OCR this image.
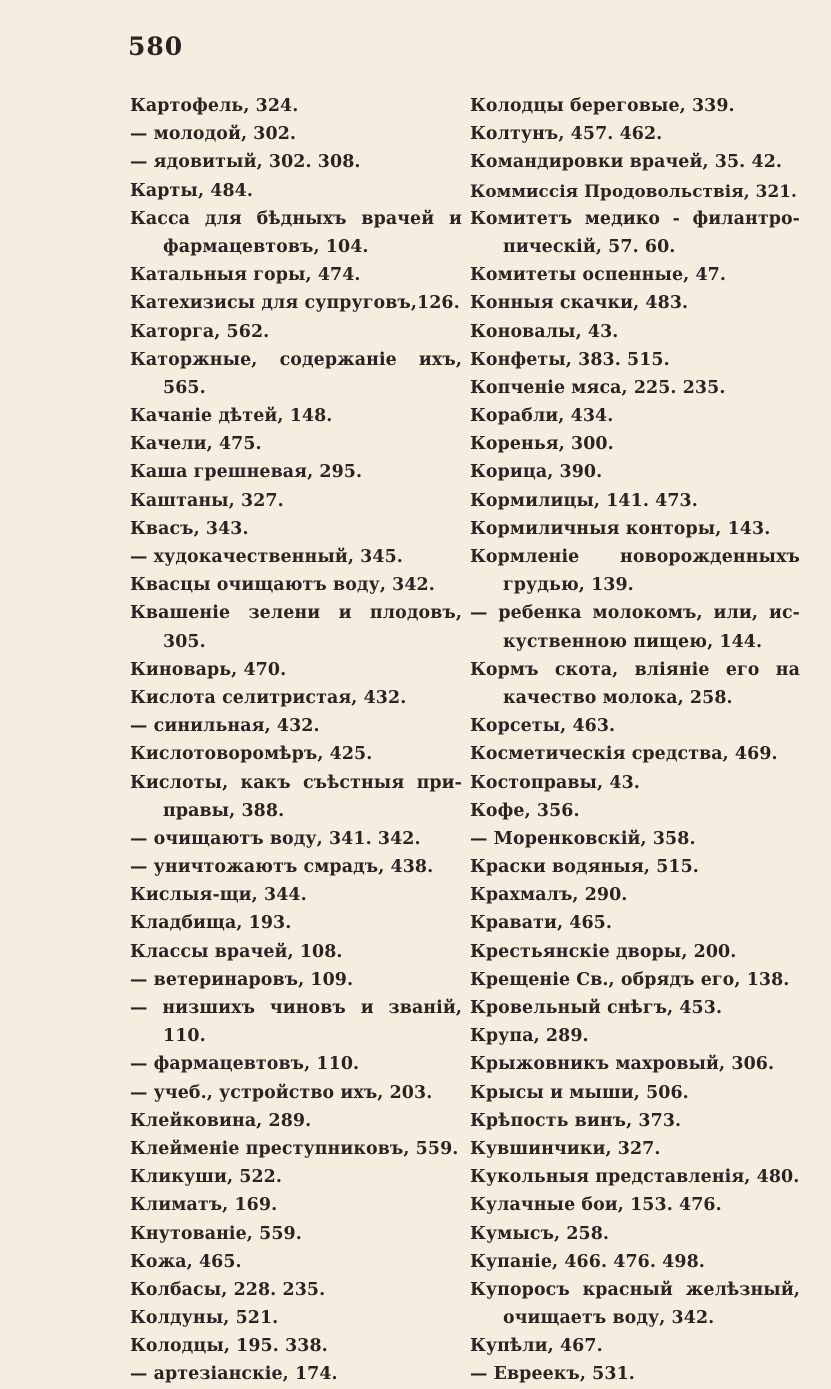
580
Картофель, 324.
— молодой, 302.
— ядовитый, 302. 308.
Карты, 484.
Касса для бѣдныхъ врачей и
фармацевтовъ, 104.
Катальныя горы, 474.
Катехизисы для супруговъ,126.
Каторга, 562.
Каторжные, содержаніе ихъ,
565.
Качаніе дѣтей, 148.
Качели, 475.
Каша грешневая, 295.
Каштаны, 327.
Квасъ, 343.
— худокачественный, 345.
Квасцы очищаютъ воду, 342.
Квашеніе зелени и плодовъ,
305.
Киноварь, 470.
Кислота селитристая, 432.
— синильная, 432.
Кислотоворомѣръ, 425.
Кислоты, какъ съѣстныя при-
правы, 388.
— очищаютъ воду, 341. 342.
— уничтожаютъ смрадъ, 438.
Кислыя-щи, 344.
Кладбища, 193.
Классы врачей, 108.
— ветеринаровъ, 109.
— низшихъ чиновъ и званій,
110.
— фармацевтовъ, 110.
— учеб., устройство ихъ, 203.
Клейковина, 289.
Клейменіе преступниковъ, 559.
Кликуши, 522.
Климатъ, 169.
Кнутованіе, 559.
Кожа, 465.
Колбасы, 228. 235.
Колдуны, 521.
Колодцы, 195. 338.
— артезіанскіе, 174.
Колодцы береговые, 339.
Колтунъ, 457. 462.
Командировки врачей, 35. 42.
Коммиссія Продовольствія, 321.
Комитетъ медико - филантро-
пическій, 57. 60.
Комитеты оспенные, 47.
Конныя скачки, 483.
Коновалы, 43.
Конфеты, 383. 515.
Копченіе мяса, 225. 235.
Корабли, 434.
Коренья, 300.
Корица, 390.
Кормилицы, 141. 473.
Кормиличныя конторы, 143.
Кормленіе новорожденныхъ
грудью, 139.
— ребенка молокомъ, или, ис-
куственною пищею, 144.
Кормъ скота, вліяніе его на
качество молока, 258.
Корсеты, 463.
Косметическія средства, 469.
Костоправы, 43.
Кофе, 356.
— Моренковскій, 358.
Краски водяныя, 515.
Крахмалъ, 290.
Кравати, 465.
Крестьянскіе дворы, 200.
Крещеніе Св., обрядъ его, 138.
Кровельный снѣгъ, 453.
Крупа, 289.
Крыжовникъ махровый, 306.
Крысы и мыши, 506.
Крѣпость винъ, 373.
Кувшинчики, 327.
Кукольныя представленія, 480.
Кулачные бои, 153. 476.
Кумысъ, 258.
Купаніе, 466. 476. 498.
Купоросъ красный желѣзный,
очищаетъ воду, 342.
Купѣли, 467.
— Евреекъ, 531.
